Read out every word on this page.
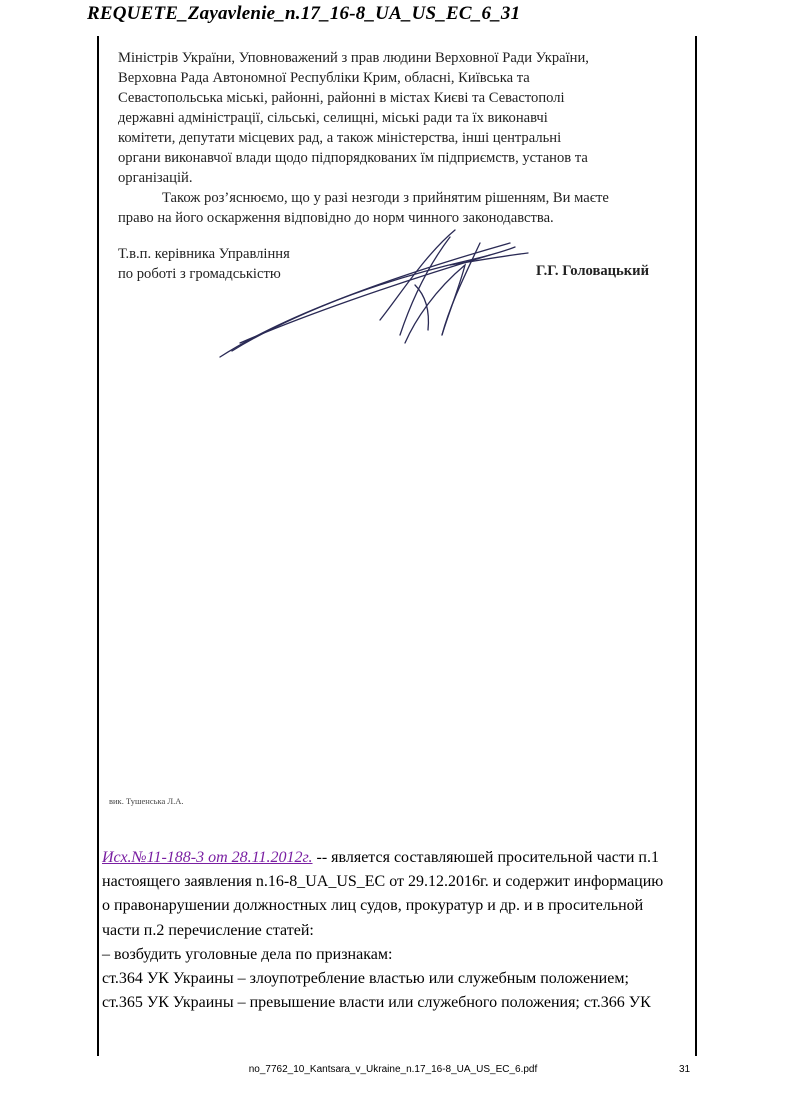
REQUETE_Zayavlenie_n.17_16-8_UA_US_EC_6_31

Міністрів України, Уповноважений з прав людини Верховної Ради України,

Верховна Рада Автономної Республіки Крим, обласні, Київська та

Севастопольська міські, районні, районні в містах Києві та Севастополі

державні адміністрації, сільські, селищні, міські ради та їх виконавчі

комітети, депутати місцевих рад, а також міністерства, інші центральні

органи виконавчої влади щодо підпорядкованих їм підприємств, установ та

організацій.

Також роз’яснюємо, що у разі незгоди з прийнятим рішенням, Ви маєте

право на його оскарження відповідно до норм чинного законодавства.

Т.в.п. керівника Управління
по роботі з громадськістю	Г.Г. Головацький
вик. Тушенська Л.А.

Исх.№11-188-3 от 28.11.2012г. -- является составляюшей просительной части п.1

настоящего заявления n.16-8_UA_US_EC от 29.12.2016г. и содержит информацию

о правонарушении должностных лиц судов, прокуратур и др. и в просительной

части п.2 перечисление статей:

– возбудить уголовные дела по признакам:

ст.364 УК Украины – злоупотребление властью или служебным положением;

ст.365 УК Украины – превышение власти или служебного положения; ст.366 УК

no_7762_10_Kantsara_v_Ukraine_n.17_16-8_UA_US_EC_6.pdf	31
